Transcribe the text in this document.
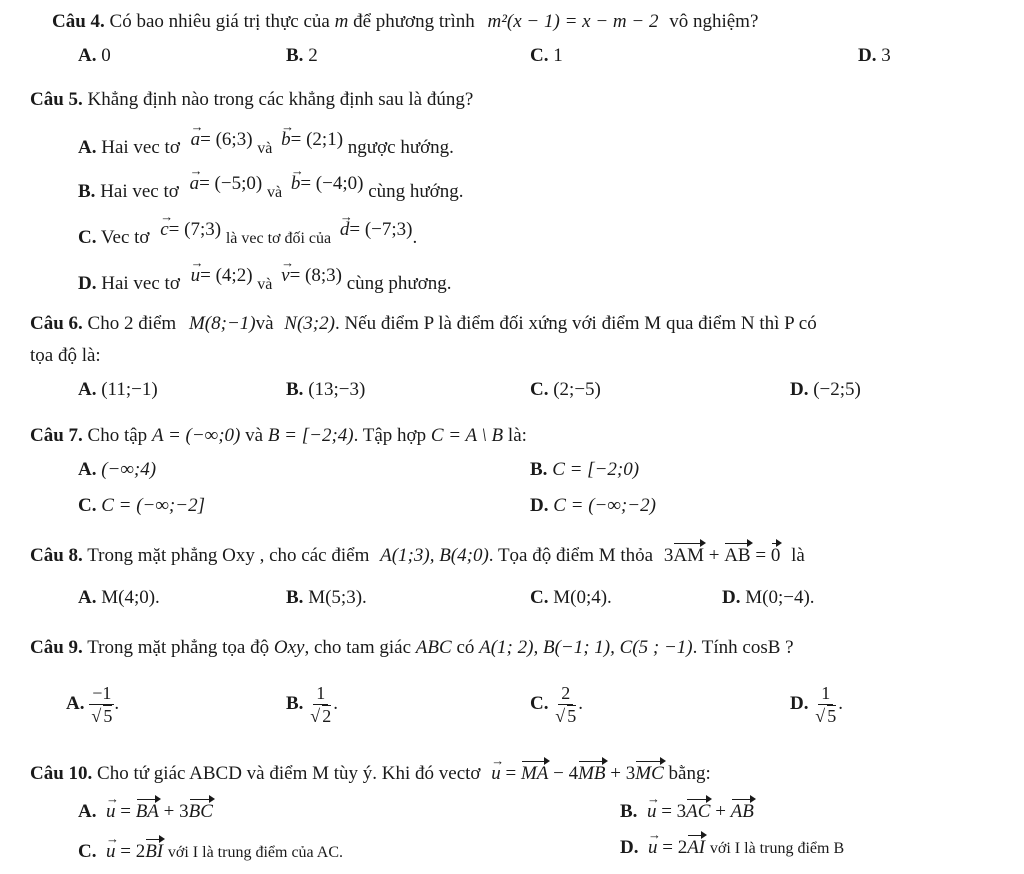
Câu 4. Có bao nhiêu giá trị thực của m để phương trình m²(x − 1) = x − m − 2 vô nghiệm?
A. 0	B. 2	C. 1	D. 3
Câu 5. Khẳng định nào trong các khẳng định sau là đúng?
A. Hai vec tơ → a= (6;3) và → b= (2;1) ngược hướng.
B. Hai vec tơ → a= (−5;0) và → b= (−4;0) cùng hướng.
C. Vec tơ → c= (7;3) là vec tơ đối của → d= (−7;3).
D. Hai vec tơ → u= (4;2) và → v= (8;3) cùng phương.
Câu 6. Cho 2 điểm M(8;−1)và N(3;2). Nếu điểm P là điểm đối xứng với điểm M qua điểm N thì P có
tọa độ là:
A. (11;−1)	B. (13;−3)	C. (2;−5)	D. (−2;5)
Câu 7. Cho tập A = (−∞;0) và B = [−2;4). Tập hợp C = A \ B là:
A. (−∞;4)	B. C = [−2;0)
C. C = (−∞;−2]	D. C = (−∞;−2)
Câu 8. Trong mặt phẳng Oxy , cho các điểm A(1;3), B(4;0). Tọa độ điểm M thỏa 3AM + AB = 0 là
A. M(4;0).	B. M(5;3).	C. M(0;4).	D. M(0;−4).
Câu 9. Trong mặt phẳng tọa độ Oxy, cho tam giác ABC có A(1; 2), B(−1; 1), C(5 ; −1). Tính cosB ?
A.
−1
√ 5 .	B.
1
√ 2 .	C.
2
√ 5 .	D.
1
√ 5 .
Câu 10. Cho tứ giác ABCD và điểm M tùy ý. Khi đó vectơ → u = MA − 4MB + 3MC bằng:
A. → u = BA + 3BC	B. → u = 3AC + AB
C. → u = 2BI với I là trung điểm của AC.	D. → u = 2AI với I là trung điểm B
